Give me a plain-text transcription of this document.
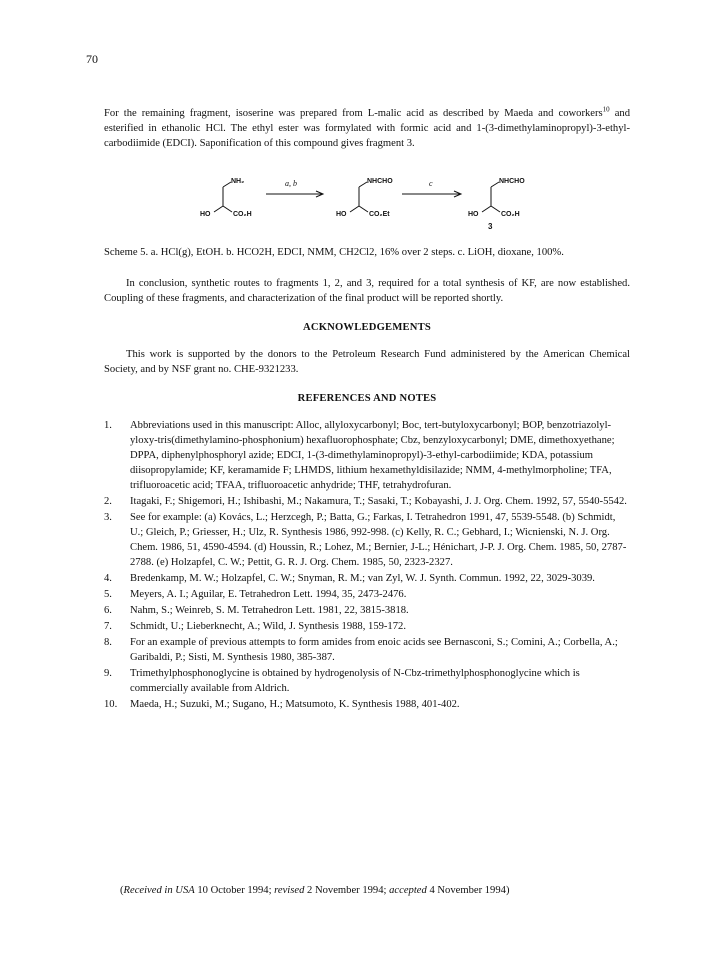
70

For the remaining fragment, isoserine was prepared from L-malic acid as described by Maeda and coworkers$^{10}$ and esterified in ethanolic HCl. The ethyl ester was formylated with formic acid and 1-(3-dimethylaminopropyl)-3-ethyl-carbodiimide (EDCI). Saponification of this compound gives fragment 3.

NH₂
HO	CO₂H
a, b	NHCHO
HO	CO₂Et
c	NHCHO
HO	CO₂H
3

Scheme 5. a. HCl(g), EtOH. b. HCO2H, EDCI, NMM, CH2Cl2, 16% over 2 steps. c. LiOH, dioxane, 100%.

In conclusion, synthetic routes to fragments 1, 2, and 3, required for a total synthesis of KF, are now established. Coupling of these fragments, and characterization of the final product will be reported shortly.

ACKNOWLEDGEMENTS

This work is supported by the donors to the Petroleum Research Fund administered by the American Chemical Society, and by NSF grant no. CHE-9321233.

REFERENCES AND NOTES
1.	Abbreviations used in this manuscript: Alloc, allyloxycarbonyl; Boc, tert-butyloxycarbonyl; BOP, benzotriazolyl-yloxy-tris(dimethylamino-phosphonium) hexafluorophosphate; Cbz, benzyloxycarbonyl; DME, dimethoxyethane; DPPA, diphenylphosphoryl azide; EDCI, 1-(3-dimethylaminopropyl)-3-ethyl-carbodiimide; KDA, potassium diisopropylamide; KF, keramamide F; LHMDS, lithium hexamethyldisilazide; NMM, 4-methylmorpholine; TFA, trifluoroacetic acid; TFAA, trifluoroacetic anhydride; THF, tetrahydrofuran.
2.	Itagaki, F.; Shigemori, H.; Ishibashi, M.; Nakamura, T.; Sasaki, T.; Kobayashi, J. J. Org. Chem. 1992, 57, 5540-5542.
3.	See for example: (a) Kovács, L.; Herzcegh, P.; Batta, G.; Farkas, I. Tetrahedron 1991, 47, 5539-5548. (b) Schmidt, U.; Gleich, P.; Griesser, H.; Ulz, R. Synthesis 1986, 992-998. (c) Kelly, R. C.; Gebhard, I.; Wicnienski, N. J. Org. Chem. 1986, 51, 4590-4594. (d) Houssin, R.; Lohez, M.; Bernier, J-L.; Hénichart, J-P. J. Org. Chem. 1985, 50, 2787-2788. (e) Holzapfel, C. W.; Pettit, G. R. J. Org. Chem. 1985, 50, 2323-2327.
4.	Bredenkamp, M. W.; Holzapfel, C. W.; Snyman, R. M.; van Zyl, W. J. Synth. Commun. 1992, 22, 3029-3039.
5.	Meyers, A. I.; Aguilar, E. Tetrahedron Lett. 1994, 35, 2473-2476.
6.	Nahm, S.; Weinreb, S. M. Tetrahedron Lett. 1981, 22, 3815-3818.
7.	Schmidt, U.; Lieberknecht, A.; Wild, J. Synthesis 1988, 159-172.
8.	For an example of previous attempts to form amides from enoic acids see Bernasconi, S.; Comini, A.; Corbella, A.; Garibaldi, P.; Sisti, M. Synthesis 1980, 385-387.
9.	Trimethylphosphonoglycine is obtained by hydrogenolysis of N-Cbz-trimethylphosphonoglycine which is commercially available from Aldrich.
10.	Maeda, H.; Suzuki, M.; Sugano, H.; Matsumoto, K. Synthesis 1988, 401-402.
(Received in USA 10 October 1994; revised 2 November 1994; accepted 4 November 1994)
